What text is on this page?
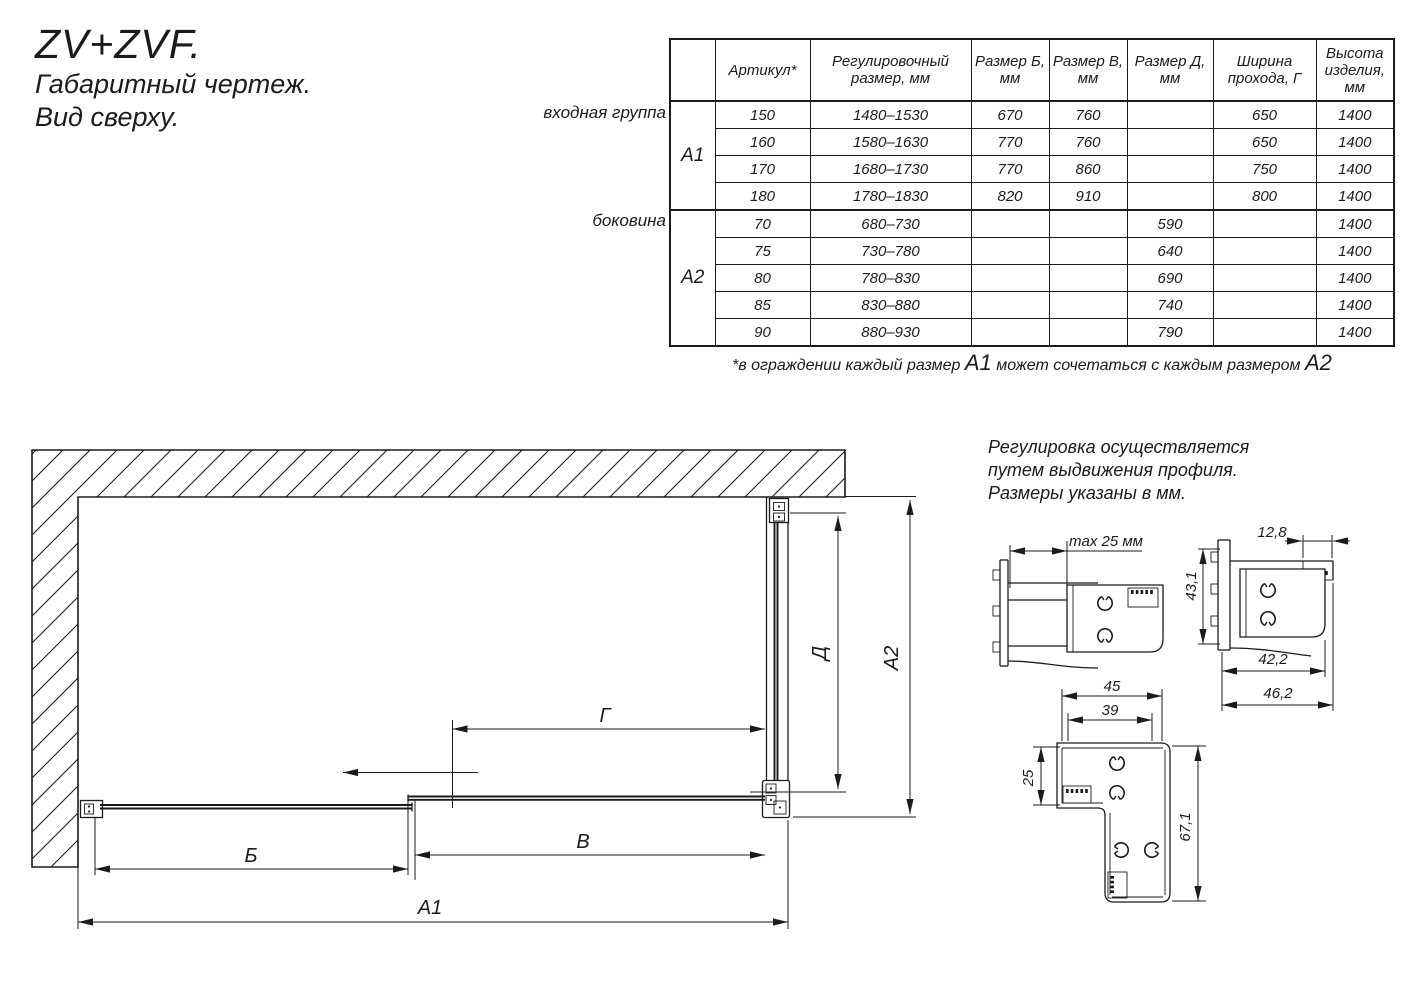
ZV+ZVF.
Габаритный чертеж.
Вид сверху.	входная группа
боковина
	Артикул*	Регулировочный размер, мм	Размер Б, мм	Размер В, мм	Размер Д, мм	Ширина прохода, Г	Высота изделия, мм
А1	150	1480–1530	670	760		650	1400
	160	1580–1630	770	760		650	1400
	170	1680–1730	770	860		750	1400
	180	1780–1830	820	910		800	1400
А2	70	680–730			590		1400
	75	730–780			640		1400
	80	780–830			690		1400
	85	830–880			740		1400
	90	880–930			790		1400
*в ограждении каждый размер А1 может сочетаться с каждым размером А2
Регулировка осуществляется
путем выдвижения профиля.
Размеры указаны в мм.
Б
В
Г
А1
Д	А2
max 25 мм
12,8
43,1
42,2
46,2
45
39
25
67,1
